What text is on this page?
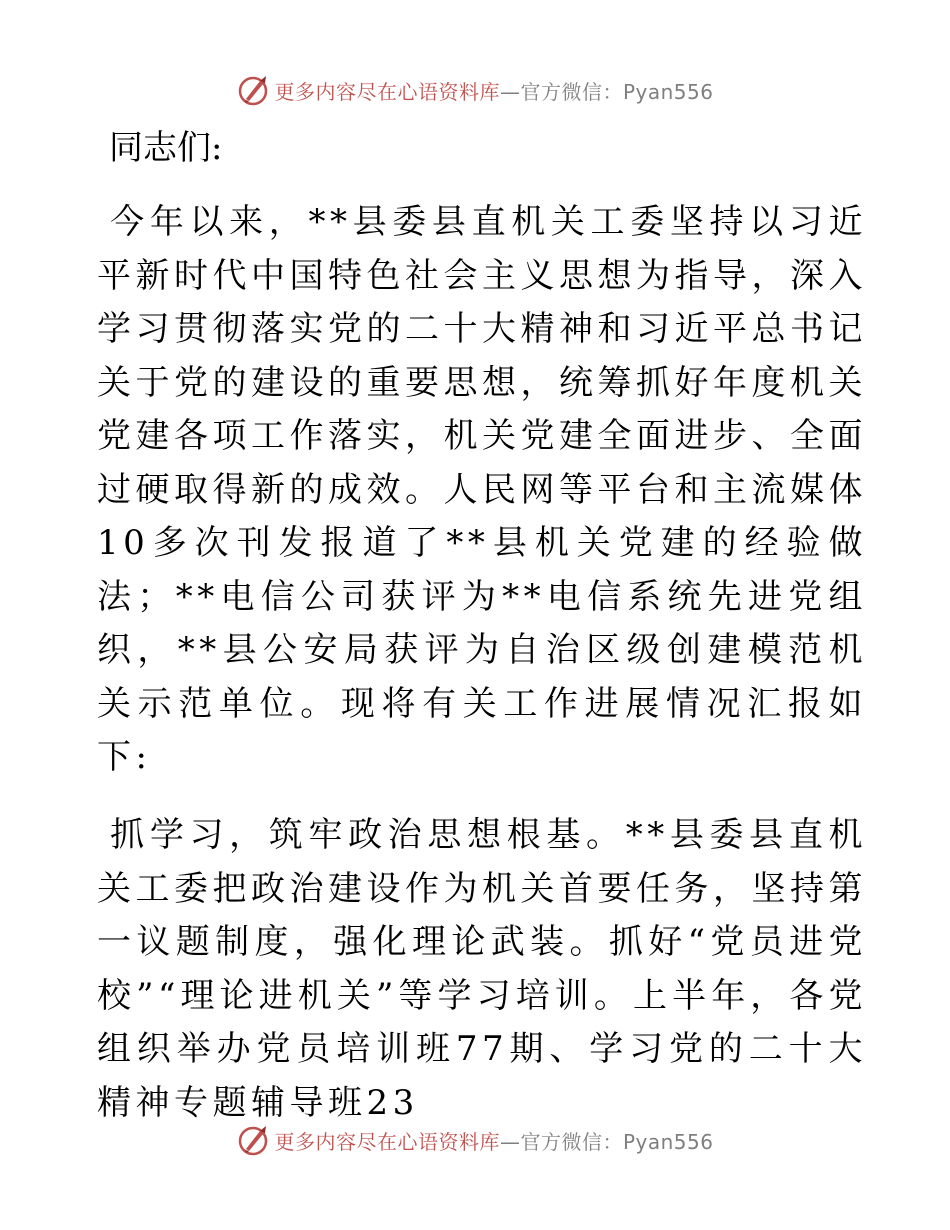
更多内容尽在心语资料库—官方微信：Pyan556
同志们:
今年以来，**县委县直机关工委坚持以习近平新时代中国特色社会主义思想为指导，深入学习贯彻落实党的二十大精神和习近平总书记关于党的建设的重要思想，统筹抓好年度机关党建各项工作落实，机关党建全面进步、全面过硬取得新的成效。人民网等平台和主流媒体10多次刊发报道了**县机关党建的经验做法；**电信公司获评为**电信系统先进党组织，**县公安局获评为自治区级创建模范机关示范单位。现将有关工作进展情况汇报如下:
抓学习，筑牢政治思想根基。**县委县直机关工委把政治建设作为机关首要任务，坚持第一议题制度，强化理论武装。抓好“党员进党校”“理论进机关”等学习培训。上半年，各党组织举办党员培训班77期、学习党的二十大精神专题辅导班23
更多内容尽在心语资料库—官方微信：Pyan556
